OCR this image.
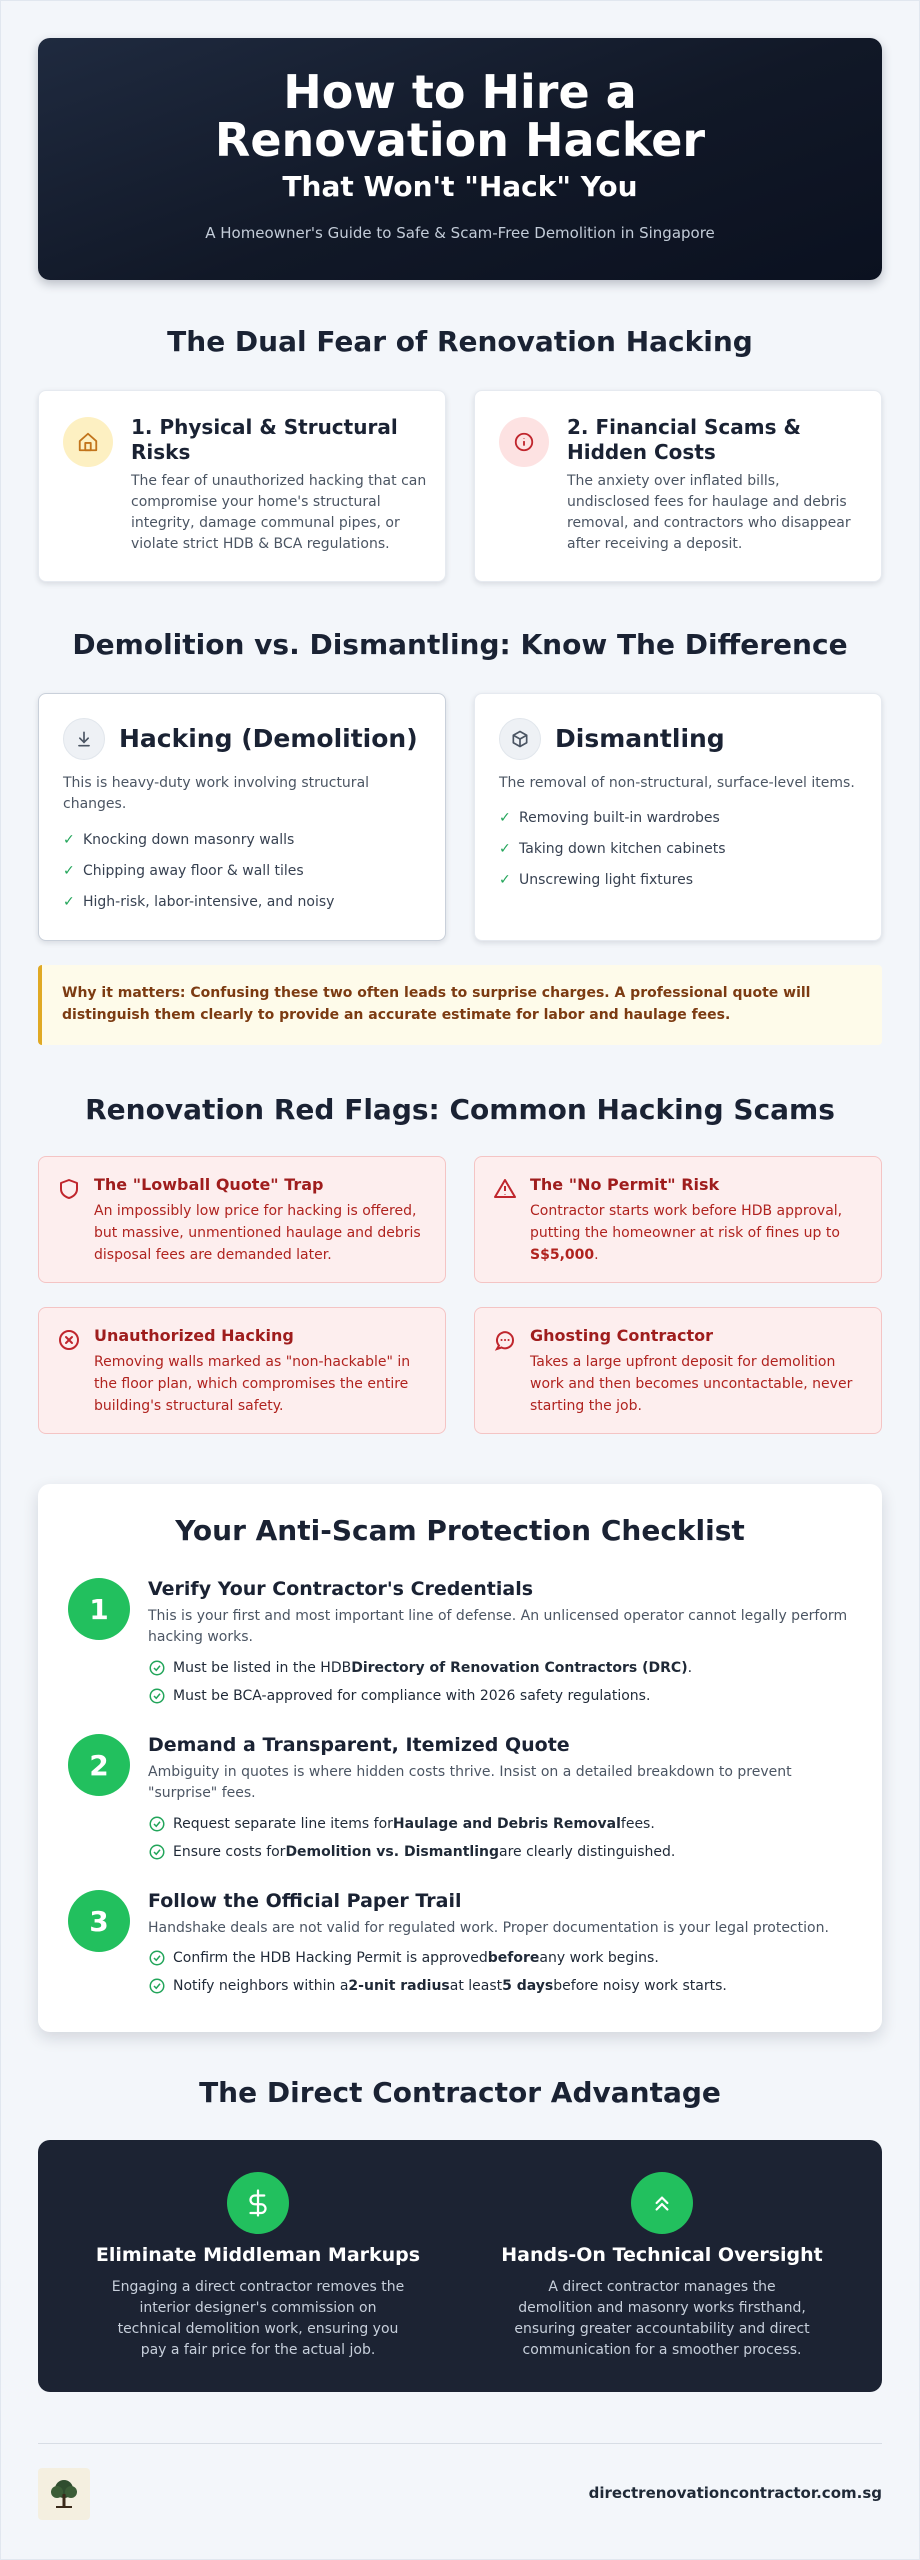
How to Hire a Renovation Hacker
That Won't "Hack" You
A Homeowner's Guide to Safe & Scam-Free Demolition in Singapore
The Dual Fear of Renovation Hacking
1. Physical & Structural Risks
The fear of unauthorized hacking that can compromise your home's structural integrity, damage communal pipes, or violate strict HDB & BCA regulations.
2. Financial Scams & Hidden Costs
The anxiety over inflated bills, undisclosed fees for haulage and debris removal, and contractors who disappear after receiving a deposit.
Demolition vs. Dismantling: Know The Difference
Hacking (Demolition)
This is heavy-duty work involving structural changes.
✓ Knocking down masonry walls
✓ Chipping away floor & wall tiles
✓ High-risk, labor-intensive, and noisy
Dismantling
The removal of non-structural, surface-level items.
✓ Removing built-in wardrobes
✓ Taking down kitchen cabinets
✓ Unscrewing light fixtures
Why it matters: Confusing these two often leads to surprise charges. A professional quote will distinguish them clearly to provide an accurate estimate for labor and haulage fees.
Renovation Red Flags: Common Hacking Scams
The "Lowball Quote" Trap
An impossibly low price for hacking is offered, but massive, unmentioned haulage and debris disposal fees are demanded later.
The "No Permit" Risk
Contractor starts work before HDB approval, putting the homeowner at risk of fines up to S$5,000.
Unauthorized Hacking
Removing walls marked as "non-hackable" in the floor plan, which compromises the entire building's structural safety.
Ghosting Contractor
Takes a large upfront deposit for demolition work and then becomes uncontactable, never starting the job.
Your Anti-Scam Protection Checklist
1
Verify Your Contractor's Credentials
This is your first and most important line of defense. An unlicensed operator cannot legally perform hacking works.
Must be listed in the HDB Directory of Renovation Contractors (DRC) .
Must be BCA-approved for compliance with 2026 safety regulations.
2
Demand a Transparent, Itemized Quote
Ambiguity in quotes is where hidden costs thrive. Insist on a detailed breakdown to prevent "surprise" fees.
Request separate line items for Haulage and Debris Removal fees.
Ensure costs for Demolition vs. Dismantling are clearly distinguished.
3
Follow the Official Paper Trail
Handshake deals are not valid for regulated work. Proper documentation is your legal protection.
Confirm the HDB Hacking Permit is approved before any work begins.
Notify neighbors within a 2-unit radius at least 5 days before noisy work starts.
The Direct Contractor Advantage
Eliminate Middleman Markups
Engaging a direct contractor removes the interior designer's commission on technical demolition work, ensuring you pay a fair price for the actual job.
Hands-On Technical Oversight
A direct contractor manages the demolition and masonry works firsthand, ensuring greater accountability and direct communication for a smoother process.
directrenovationcontractor.com.sg
